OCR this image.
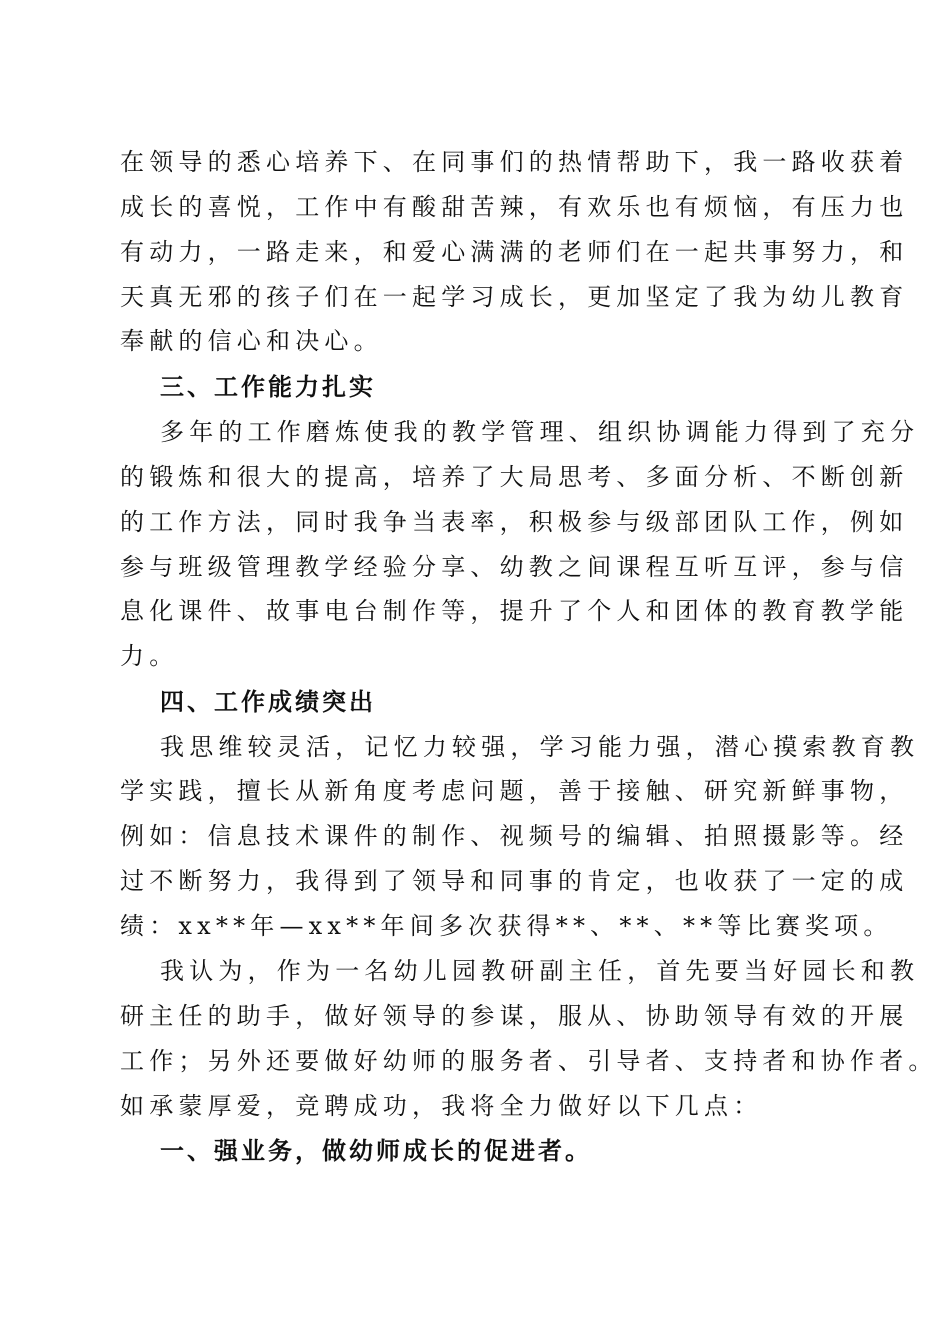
在领导的悉心培养下、在同事们的热情帮助下，我一路收获着
成长的喜悦，工作中有酸甜苦辣，有欢乐也有烦恼，有压力也
有动力，一路走来，和爱心满满的老师们在一起共事努力，和
天真无邪的孩子们在一起学习成长，更加坚定了我为幼儿教育
奉献的信心和决心。
三、工作能力扎实
多年的工作磨炼使我的教学管理、组织协调能力得到了充分
的锻炼和很大的提高，培养了大局思考、多面分析、不断创新
的工作方法，同时我争当表率，积极参与级部团队工作，例如
参与班级管理教学经验分享、幼教之间课程互听互评，参与信
息化课件、故事电台制作等，提升了个人和团体的教育教学能
力。
四、工作成绩突出
我思维较灵活，记忆力较强，学习能力强，潜心摸索教育教
学实践，擅长从新角度考虑问题，善于接触、研究新鲜事物，
例如：信息技术课件的制作、视频号的编辑、拍照摄影等。经
过不断努力，我得到了领导和同事的肯定，也收获了一定的成
绩：xx**年—xx**年间多次获得**、**、**等比赛奖项。
我认为，作为一名幼儿园教研副主任，首先要当好园长和教
研主任的助手，做好领导的参谋，服从、协助领导有效的开展
工作；另外还要做好幼师的服务者、引导者、支持者和协作者。
如承蒙厚爱，竞聘成功，我将全力做好以下几点：
一、强业务，做幼师成长的促进者。
